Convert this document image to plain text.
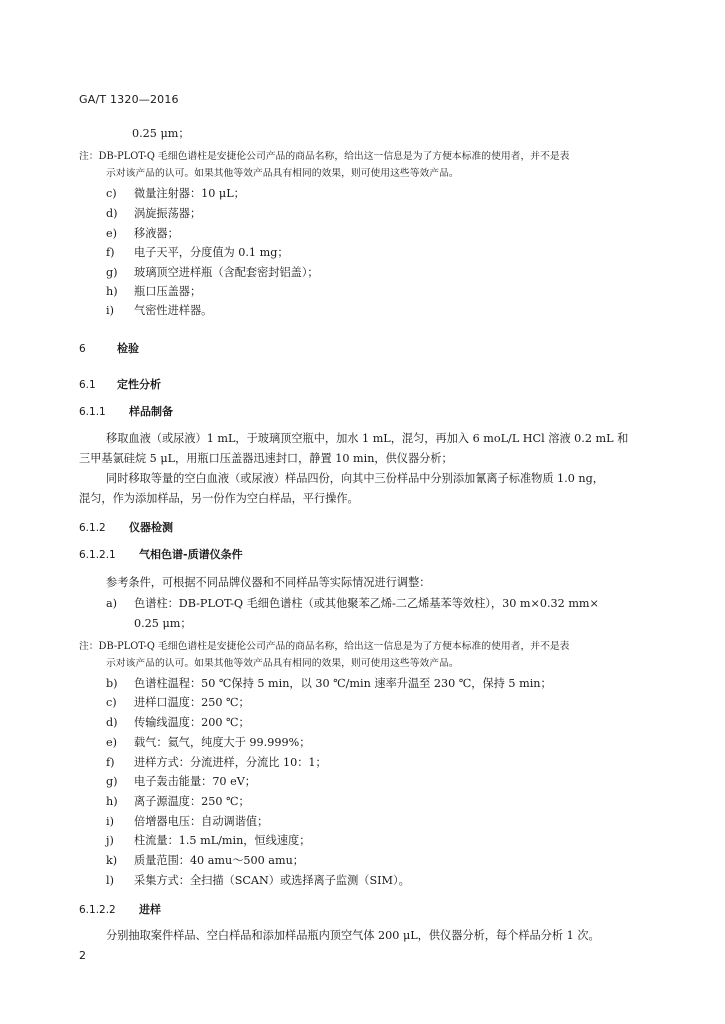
GA/T 1320—2016
0.25 μm；
注：DB-PLOT-Q 毛细色谱柱是安捷伦公司产品的商品名称，给出这一信息是为了方便本标准的使用者，并不是表
示对该产品的认可。如果其他等效产品具有相同的效果，则可使用这些等效产品。
c) 微量注射器：10 μL；
d) 涡旋振荡器；
e) 移液器；
f) 电子天平，分度值为 0.1 mg；
g) 玻璃顶空进样瓶（含配套密封铝盖）；
h) 瓶口压盖器；
i) 气密性进样器。
6	检验
6.1 定性分析
6.1.1 样品制备
6.1.2 仪器检测
6.1.2.1 气相色谱-质谱仪条件
6.1.2.2 进样
移取血液（或尿液）1 mL，于玻璃顶空瓶中，加水 1 mL，混匀，再加入 6 moL/L HCl 溶液 0.2 mL 和
三甲基氯硅烷 5 μL，用瓶口压盖器迅速封口，静置 10 min，供仪器分析；
同时移取等量的空白血液（或尿液）样品四份，向其中三份样品中分别添加氰离子标准物质 1.0 ng，
混匀，作为添加样品，另一份作为空白样品，平行操作。
参考条件，可根据不同品牌仪器和不同样品等实际情况进行调整：
分别抽取案件样品、空白样品和添加样品瓶内顶空气体 200 μL，供仪器分析，每个样品分析 1 次。
a) 色谱柱：DB-PLOT-Q 毛细色谱柱（或其他聚苯乙烯-二乙烯基苯等效柱），30 m×0.32 mm×
0.25 μm；
b) 色谱柱温程：50 ℃保持 5 min，以 30 ℃/min 速率升温至 230 ℃，保持 5 min；
c) 进样口温度：250 ℃；
d) 传输线温度：200 ℃；
e) 载气：氦气，纯度大于 99.999%；
f) 进样方式：分流进样，分流比 10：1；
g) 电子轰击能量：70 eV；
h) 离子源温度：250 ℃；
i) 倍增器电压：自动调谐值；
j) 柱流量：1.5 mL/min，恒线速度；
k) 质量范围：40 amu～500 amu；
l) 采集方式：全扫描（SCAN）或选择离子监测（SIM）。
注：DB-PLOT-Q 毛细色谱柱是安捷伦公司产品的商品名称，给出这一信息是为了方便本标准的使用者，并不是表
示对该产品的认可。如果其他等效产品具有相同的效果，则可使用这些等效产品。
2
